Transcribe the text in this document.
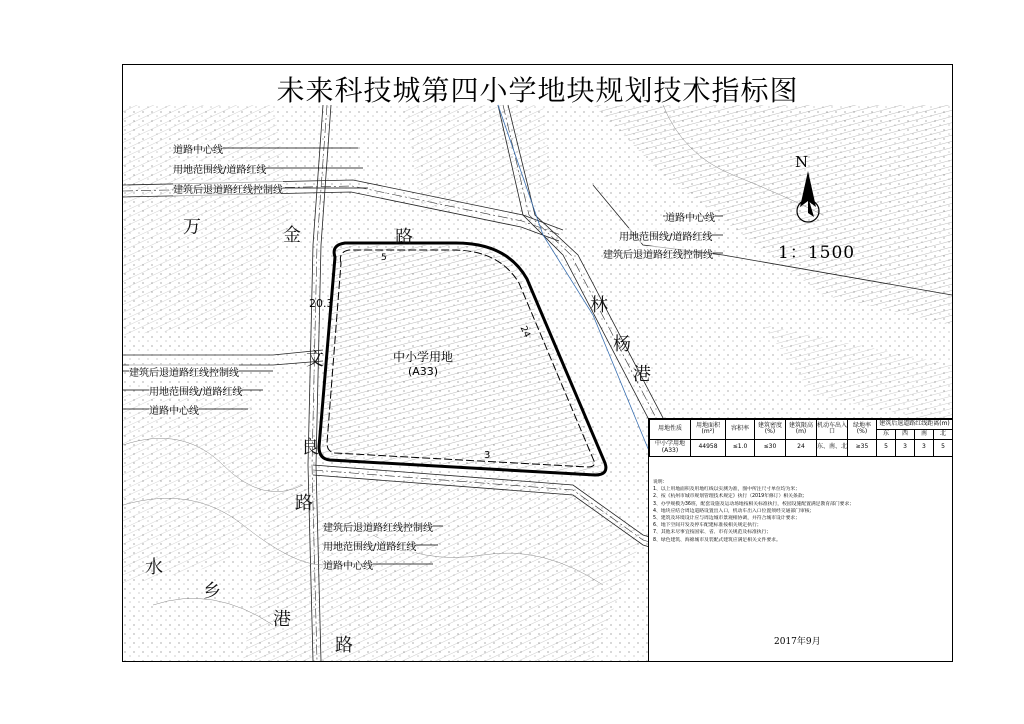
未来科技城第四小学地块规划技术指标图
N
1：1500
道路中心线
用地范围线/道路红线
建筑后退道路红线控制线
道路中心线
用地范围线/道路红线
建筑后退道路红线控制线
建筑后退道路红线控制线
用地范围线/道路红线
道路中心线
建筑后退道路红线控制线
用地范围线/道路红线
道路中心线
万	金	路
文
良
路
林
杨
港
水
乡
港
路
20.3
5
24
3
中小学用地
(A33)
用地性质	用地面积(m²)	容积率	建筑密度(%)	建筑限高(m)	机动车出入口	绿地率(%)	建筑后退道路红线距离(m)			
							东	西	南	北
中小学用地(A33)	44958	≤1.0	≤30	24	东、南、北	≥35	5	3	3	5
说明：
1、以上用地面积及用地红线以实测为准，图中所注尺寸单位均为米；
2、按《杭州市城市规划管理技术规定》执行（2019年修订）相关条款；
3、办学规模为36班，配套设施及运动场地按相关标准执行，校园设施配置满足教育部门要求；
4、地块应结合周边道路设置出入口，机动车出入口位置须经交通部门审核；
5、建筑及环境设计应与周边城市景观相协调，并符合城市设计要求；
6、地下空间开发及停车配建标准按相关规定执行；
7、其他未尽事宜按国家、省、市有关规范及标准执行；
8、绿色建筑、海绵城市及装配式建筑应满足相关文件要求。
2017年9月
